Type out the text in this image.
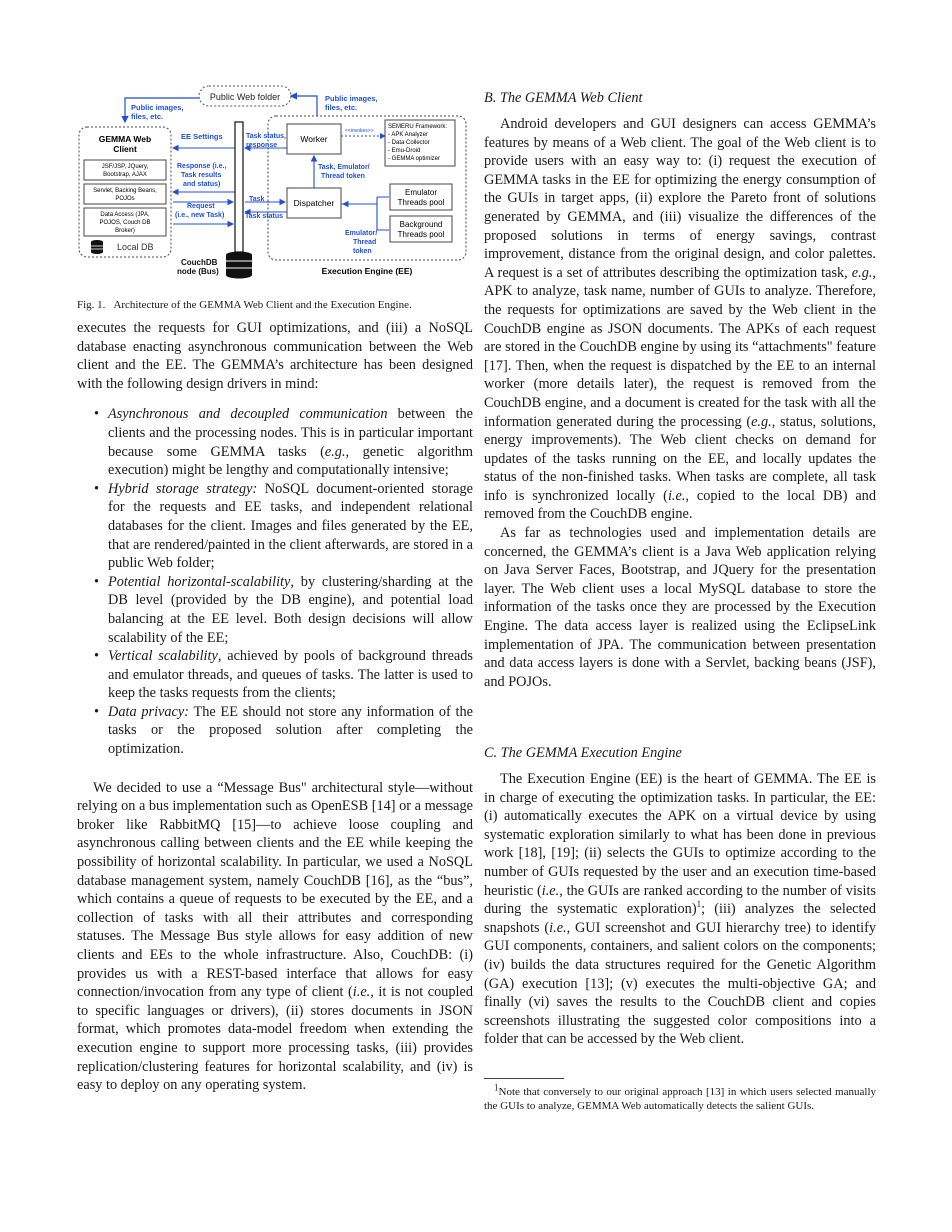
Public Web folder
Public images,
files, etc.
Public images,
files, etc.
GEMMA Web
Client
JSF/JSP, JQuery,
Bootstrap, AJAX
Servlet, Backing Beans,
POJOs
Data Access (JPA,
POJOS, Couch DB
Broker)
Local DB
EE Settings
Response (i.e.,
Task results
and status)
Task
Request
(i.e., new Task)
CouchDB
node (Bus)	Execution Engine (EE)
Worker
Task status,
response
<<invokes>>
SEMERU Framework:
- APK Analyzer
- Data Collector
- Emu-Droid
- GEMMA optimizer
Task, Emulator/
Thread token
Dispatcher
Task status
Emulator
Threads pool
Background
Threads pool
Emulator/
Thread
token
Fig. 1. Architecture of the GEMMA Web Client and the Execution Engine.

executes the requests for GUI optimizations, and (iii) a NoSQL database enacting asynchronous communication between the Web client and the EE. The GEMMA’s architecture has been designed with the following design drivers in mind:

• Asynchronous and decoupled communication between the clients and the processing nodes. This is in particular important because some GEMMA tasks (e.g., genetic algorithm execution) might be lengthy and computationally intensive;
• Hybrid storage strategy: NoSQL document-oriented storage for the requests and EE tasks, and independent relational databases for the client. Images and files generated by the EE, that are rendered/painted in the client afterwards, are stored in a public Web folder;
• Potential horizontal-scalability, by clustering/sharding at the DB level (provided by the DB engine), and potential load balancing at the EE level. Both design decisions will allow scalability of the EE;
• Vertical scalability, achieved by pools of background threads and emulator threads, and queues of tasks. The latter is used to keep the tasks requests from the clients;
• Data privacy: The EE should not store any information of the tasks or the proposed solution after completing the optimization.

We decided to use a “Message Bus" architectural style—without relying on a bus implementation such as OpenESB [14] or a message broker like RabbitMQ [15]—to achieve loose coupling and asynchronous calling between clients and the EE while keeping the possibility of horizontal scalability. In particular, we used a NoSQL database management system, namely CouchDB [16], as the “bus”, which contains a queue of requests to be executed by the EE, and a collection of tasks with all their attributes and corresponding statuses. The Message Bus style allows for easy addition of new clients and EEs to the whole infrastructure. Also, CouchDB: (i) provides us with a REST-based interface that allows for easy connection/invocation from any type of client (i.e., it is not coupled to specific languages or drivers), (ii) stores documents in JSON format, which promotes data-model freedom when extending the execution engine to support more processing tasks, (iii) provides replication/clustering features for horizontal scalability, and (iv) is easy to deploy on any operating system.

B. The GEMMA Web Client

Android developers and GUI designers can access GEMMA’s features by means of a Web client. The goal of the Web client is to provide users with an easy way to: (i) request the execution of GEMMA tasks in the EE for optimizing the energy consumption of the GUIs in target apps, (ii) explore the Pareto front of solutions generated by GEMMA, and (iii) visualize the differences of the proposed solutions in terms of energy savings, contrast improvement, distance from the original design, and color palettes. A request is a set of attributes describing the optimization task, e.g., APK to analyze, task name, number of GUIs to analyze. Therefore, the requests for optimizations are saved by the Web client in the CouchDB engine as JSON documents. The APKs of each request are stored in the CouchDB engine by using its “attachments" feature [17]. Then, when the request is dispatched by the EE to an internal worker (more details later), the request is removed from the CouchDB engine, and a document is created for the task with all the information generated during the processing (e.g., status, solutions, energy improvements). The Web client checks on demand for updates of the tasks running on the EE, and locally updates the status of the non-finished tasks. When tasks are complete, all task info is synchronized locally (i.e., copied to the local DB) and removed from the CouchDB engine.

As far as technologies used and implementation details are concerned, the GEMMA’s client is a Java Web application relying on Java Server Faces, Bootstrap, and JQuery for the presentation layer. The Web client uses a local MySQL database to store the information of the tasks once they are processed by the Execution Engine. The data access layer is realized using the EclipseLink implementation of JPA. The communication between presentation and data access layers is done with a Servlet, backing beans (JSF), and POJOs.

C. The GEMMA Execution Engine

The Execution Engine (EE) is the heart of GEMMA. The EE is in charge of executing the optimization tasks. In particular, the EE: (i) automatically executes the APK on a virtual device by using systematic exploration similarly to what has been done in previous work [18], [19]; (ii) selects the GUIs to optimize according to the number of GUIs requested by the user and an execution time-based heuristic (i.e., the GUIs are ranked according to the number of visits during the systematic exploration)$^1$; (iii) analyzes the selected snapshots (i.e., GUI screenshot and GUI hierarchy tree) to identify GUI components, containers, and salient colors on the components; (iv) builds the data structures required for the Genetic Algorithm (GA) execution [13]; (v) executes the multi-objective GA; and finally (vi) saves the results to the CouchDB client and copies screenshots illustrating the suggested color compositions into a folder that can be accessed by the Web client.

$^1$Note that conversely to our original approach [13] in which users selected manually the GUIs to analyze, GEMMA Web automatically detects the salient GUIs.
